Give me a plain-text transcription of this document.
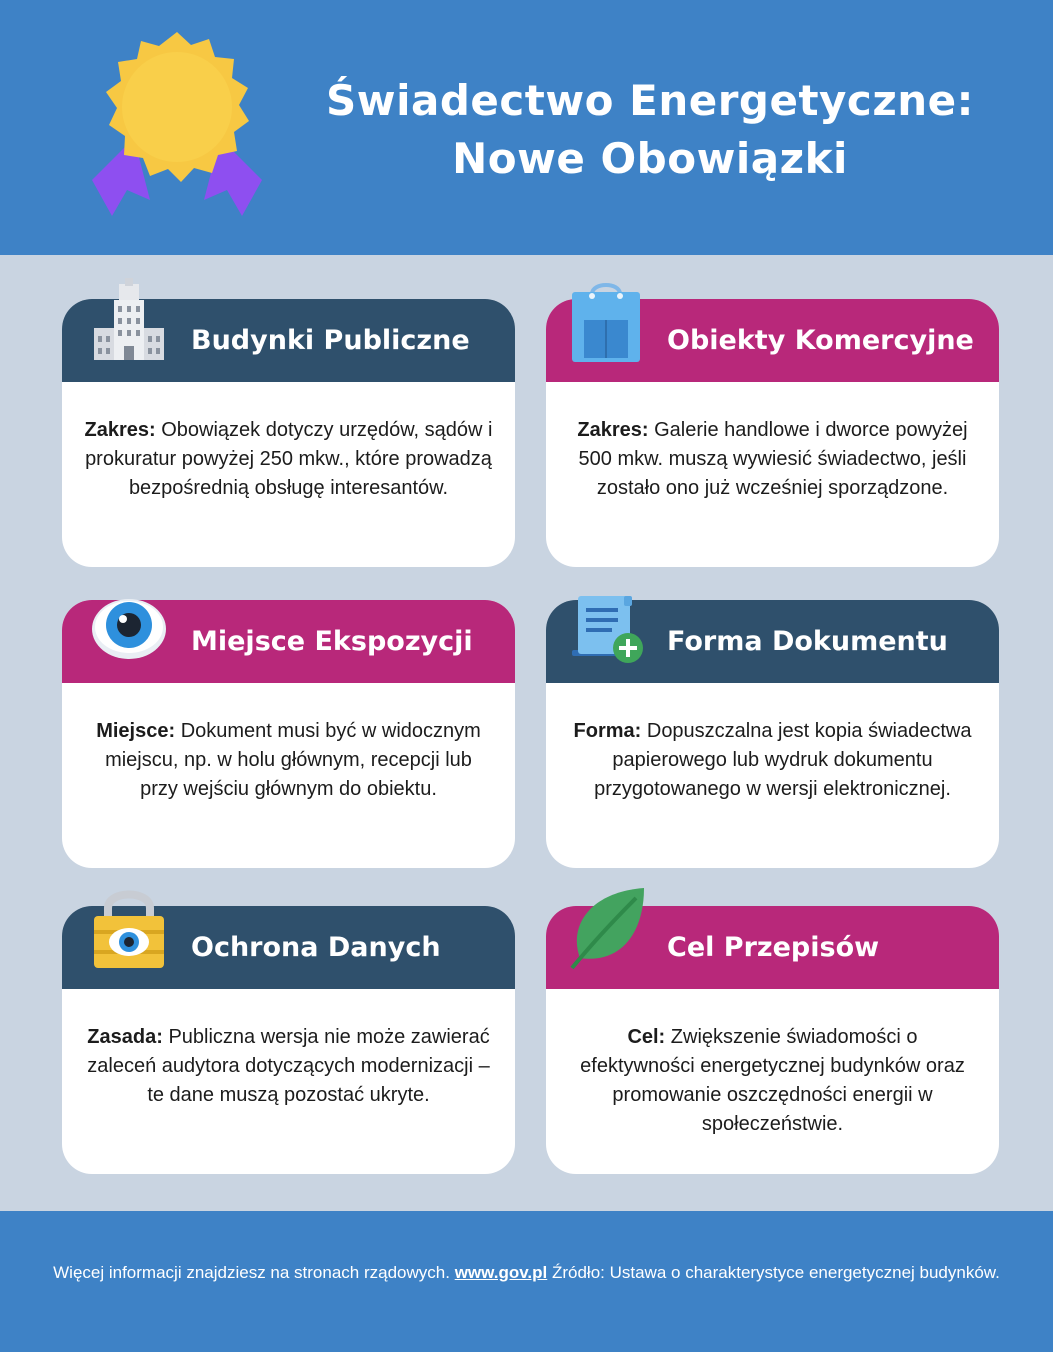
Świadectwo Energetyczne:
Nowe Obowiązki
Budynki Publiczne
Zakres: Obowiązek dotyczy urzędów, sądów i prokuratur powyżej 250 mkw., które prowadzą bezpośrednią obsługę interesantów.
Obiekty Komercyjne
Zakres: Galerie handlowe i dworce powyżej 500 mkw. muszą wywiesić świadectwo, jeśli zostało ono już wcześniej sporządzone.
Miejsce Ekspozycji
Miejsce: Dokument musi być w widocznym miejscu, np. w holu głównym, recepcji lub przy wejściu głównym do obiektu.
Forma Dokumentu
Forma: Dopuszczalna jest kopia świadectwa papierowego lub wydruk dokumentu przygotowanego w wersji elektronicznej.
Ochrona Danych
Zasada: Publiczna wersja nie może zawierać zaleceń audytora dotyczących modernizacji – te dane muszą pozostać ukryte.
Cel Przepisów
Cel: Zwiększenie świadomości o efektywności energetycznej budynków oraz promowanie oszczędności energii w społeczeństwie.
Więcej informacji znajdziesz na stronach rządowych. www.gov.pl Źródło: Ustawa o charakterystyce energetycznej budynków.
